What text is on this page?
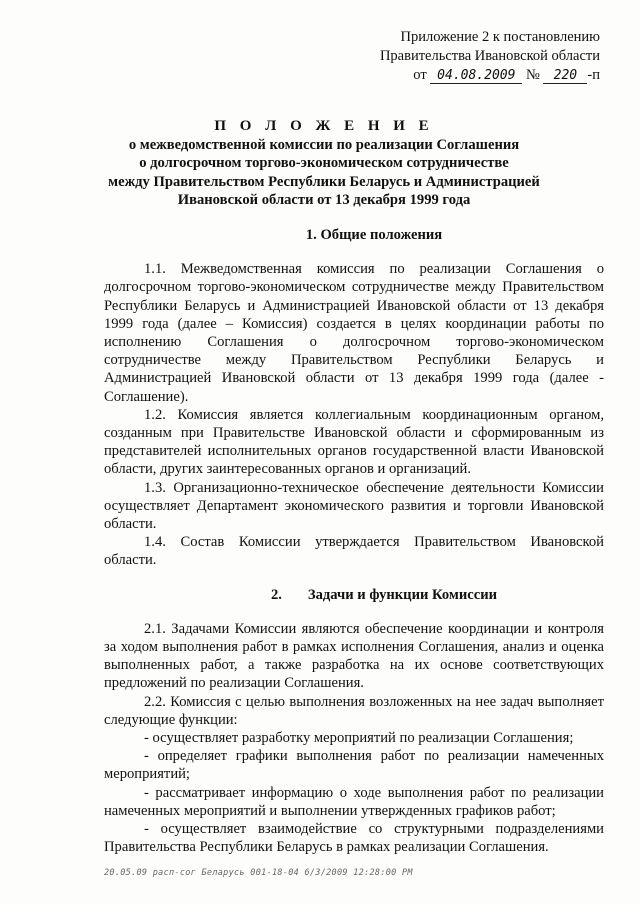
Приложение 2 к постановлению
Правительства Ивановской области
от 04.08.2009 № 220 -п
П О Л О Ж Е Н И Е
о межведомственной комиссии по реализации Соглашения
о долгосрочном торгово-экономическом сотрудничестве
между Правительством Республики Беларусь и Администрацией
Ивановской области от 13 декабря 1999 года
1. Общие положения

1.1. Межведомственная комиссия по реализации Соглашения о долгосрочном торгово-экономическом сотрудничестве между Правительством Республики Беларусь и Администрацией Ивановской области от 13 декабря 1999 года (далее – Комиссия) создается в целях координации работы по исполнению Соглашения о долгосрочном торгово-экономическом сотрудничестве между Правительством Республики Беларусь и Администрацией Ивановской области от 13 декабря 1999 года (далее - Соглашение).

1.2. Комиссия является коллегиальным координационным органом, созданным при Правительстве Ивановской области и сформированным из представителей исполнительных органов государственной власти Ивановской области, других заинтересованных органов и организаций.

1.3. Организационно-техническое обеспечение деятельности Комиссии осуществляет Департамент экономического развития и торговли Ивановской области.

1.4. Состав Комиссии утверждается Правительством Ивановской области.

2. Задачи и функции Комиссии

2.1. Задачами Комиссии являются обеспечение координации и контроля за ходом выполнения работ в рамках исполнения Соглашения, анализ и оценка выполненных работ, а также разработка на их основе соответствующих предложений по реализации Соглашения.

2.2. Комиссия с целью выполнения возложенных на нее задач выполняет следующие функции:

- осуществляет разработку мероприятий по реализации Соглашения;

- определяет графики выполнения работ по реализации намеченных мероприятий;

- рассматривает информацию о ходе выполнения работ по реализации намеченных мероприятий и выполнении утвержденных графиков работ;

- осуществляет взаимодействие со структурными подразделениями Правительства Республики Беларусь в рамках реализации Соглашения.

20.05.09 расп-сог Беларусь 001-18-04 6/3/2009 12:28:00 PM
